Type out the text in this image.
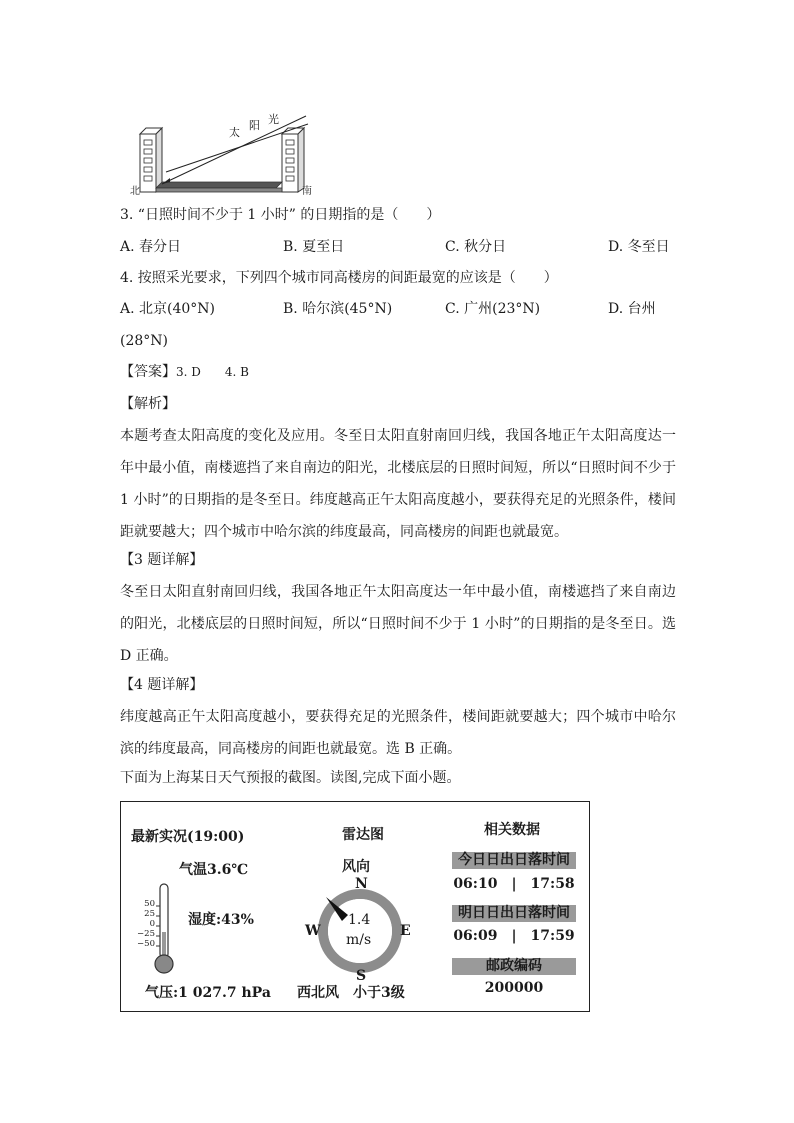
太
阳 光
北	南
3. “日照时间不少于 1 小时” 的日期指的是（　　）
A. 春分日	B. 夏至日	C. 秋分日	D. 冬至日
4. 按照采光要求，下列四个城市同高楼房的间距最宽的应该是（　　）
A. 北京(40°N)	B. 哈尔滨(45°N)	C. 广州(23°N)	D. 台州
(28°N)
【答案】3. D　　4. B
【解析】
本题考查太阳高度的变化及应用。冬至日太阳直射南回归线，我国各地正午太阳高度达一年中最小值，南楼遮挡了来自南边的阳光，北楼底层的日照时间短，所以“日照时间不少于 1 小时”的日期指的是冬至日。纬度越高正午太阳高度越小，要获得充足的光照条件，楼间距就要越大；四个城市中哈尔滨的纬度最高，同高楼房的间距也就最宽。
【3 题详解】
冬至日太阳直射南回归线，我国各地正午太阳高度达一年中最小值，南楼遮挡了来自南边的阳光，北楼底层的日照时间短，所以“日照时间不少于 1 小时”的日期指的是冬至日。选 D 正确。
【4 题详解】
纬度越高正午太阳高度越小，要获得充足的光照条件，楼间距就要越大；四个城市中哈尔滨的纬度最高，同高楼房的间距也就最宽。选 B 正确。
下面为上海某日天气预报的截图。读图,完成下面小题。
最新实况(19:00)
气温3.6℃
湿度:43%
气压:1 027.7 hPa
50
25
0
−25
−50
雷达图
风向
N
S
W	E
1.4
m/s
西北风　小于3级
相关数据
今日日出日落时间
06:10　|　17:58
明日日出日落时间
06:09　|　17:59
邮政编码
200000
